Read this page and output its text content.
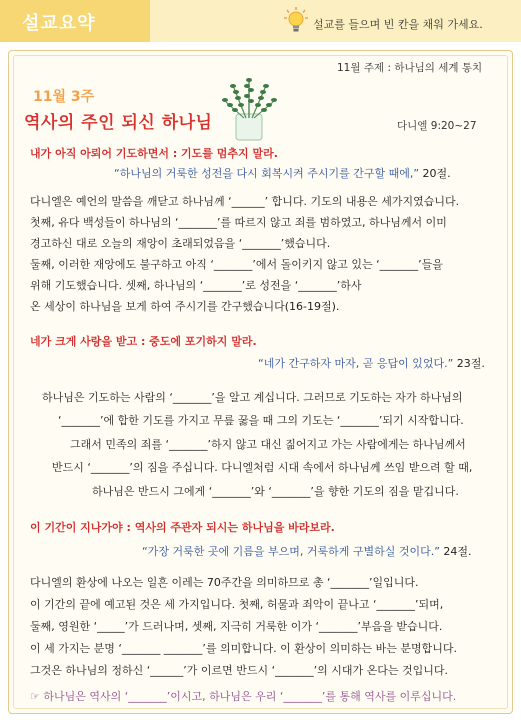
설교요약	설교를 들으며 빈 칸을 채워 가세요.
11월 주제 : 하나님의 세계 통치
11월 3주
역사의 주인 되신 하나님	다니엘 9:20~27
내가 아직 아뢰어 기도하면서 : 기도를 멈추지 말라.
“하나님의 거룩한 성전을 다시 회복시켜 주시기를 간구할 때에,” 20절.
다니엘은 예언의 말씀을 깨닫고 하나님께 ‘______’ 합니다. 기도의 내용은 세가지였습니다.
첫째, 유다 백성들이 하나님의 ‘_______’를 따르지 않고 죄를 범하였고, 하나님께서 이미
경고하신 대로 오늘의 재앙이 초래되었음을 ‘_______’했습니다.
둘째, 이러한 재앙에도 불구하고 아직 ‘_______’에서 돌이키지 않고 있는 ‘_______’들을
위해 기도했습니다. 셋째, 하나님의 ‘_______’로 성전을 ‘_______’하사
온 세상이 하나님을 보게 하여 주시기를 간구했습니다(16-19절).
네가 크게 사랑을 받고 : 중도에 포기하지 말라.
“네가 간구하자 마자, 곧 응답이 있었다.” 23절.
하나님은 기도하는 사람의 ‘_______’을 알고 계십니다. 그러므로 기도하는 자가 하나님의
‘_______’에 합한 기도를 가지고 무릎 꿇을 때 그의 기도는 ‘_______’되기 시작합니다.
그래서 민족의 죄를 ‘_______’하지 않고 대신 짊어지고 가는 사람에게는 하나님께서
반드시 ‘_______’의 짐을 주십니다. 다니엘처럼 시대 속에서 하나님께 쓰임 받으려 할 때,
하나님은 반드시 그에게 ‘_______’와 ‘_______’을 향한 기도의 짐을 맡깁니다.
이 기간이 지나가야 : 역사의 주관자 되시는 하나님을 바라보라.
“가장 거룩한 곳에 기름을 부으며, 거룩하게 구별하실 것이다.” 24절.
다니엘의 환상에 나오는 일흔 이레는 70주간을 의미하므로 총 ‘_______’일입니다.
이 기간의 끝에 예고된 것은 세 가지입니다. 첫째, 허물과 죄악이 끝나고 ‘_______’되며,
둘째, 영원한 ‘_____’가 드러나며, 셋째, 지극히 거룩한 이가 ‘_______’부음을 받습니다.
이 세 가지는 분명 ‘_______ _______’를 의미합니다. 이 환상이 의미하는 바는 분명합니다.
그것은 하나님의 정하신 ‘______’가 이르면 반드시 ‘_______’의 시대가 온다는 것입니다.
☞ 하나님은 역사의 ‘_______’이시고, 하나님은 우리 ‘_______’를 통해 역사를 이루십니다.
